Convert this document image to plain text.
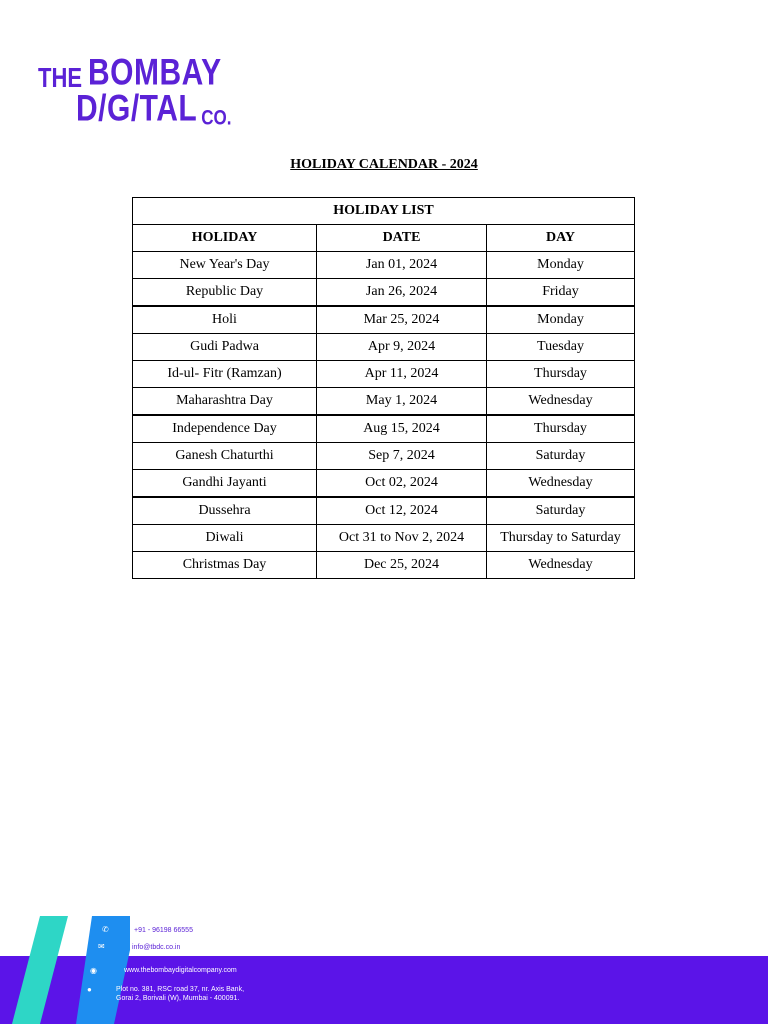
THE BOMBAY
D/G/TAL CO.
HOLIDAY CALENDAR - 2024
HOLIDAY LIST		
HOLIDAY	DATE	DAY
New Year's Day	Jan 01, 2024	Monday
Republic Day	Jan 26, 2024	Friday
Holi	Mar 25, 2024	Monday
Gudi Padwa	Apr 9, 2024	Tuesday
Id-ul- Fitr (Ramzan)	Apr 11, 2024	Thursday
Maharashtra Day	May 1, 2024	Wednesday
Independence Day	Aug 15, 2024	Thursday
Ganesh Chaturthi	Sep 7, 2024	Saturday
Gandhi Jayanti	Oct 02, 2024	Wednesday
Dussehra	Oct 12, 2024	Saturday
Diwali	Oct 31 to Nov 2, 2024	Thursday to Saturday
Christmas Day	Dec 25, 2024	Wednesday
✆	+91 - 96198 66555
✉	info@tbdc.co.in
◉	www.thebombaydigitalcompany.com
●	Plot no. 381, RSC road 37, nr. Axis Bank,
Gorai 2, Borivali (W), Mumbai - 400091.
